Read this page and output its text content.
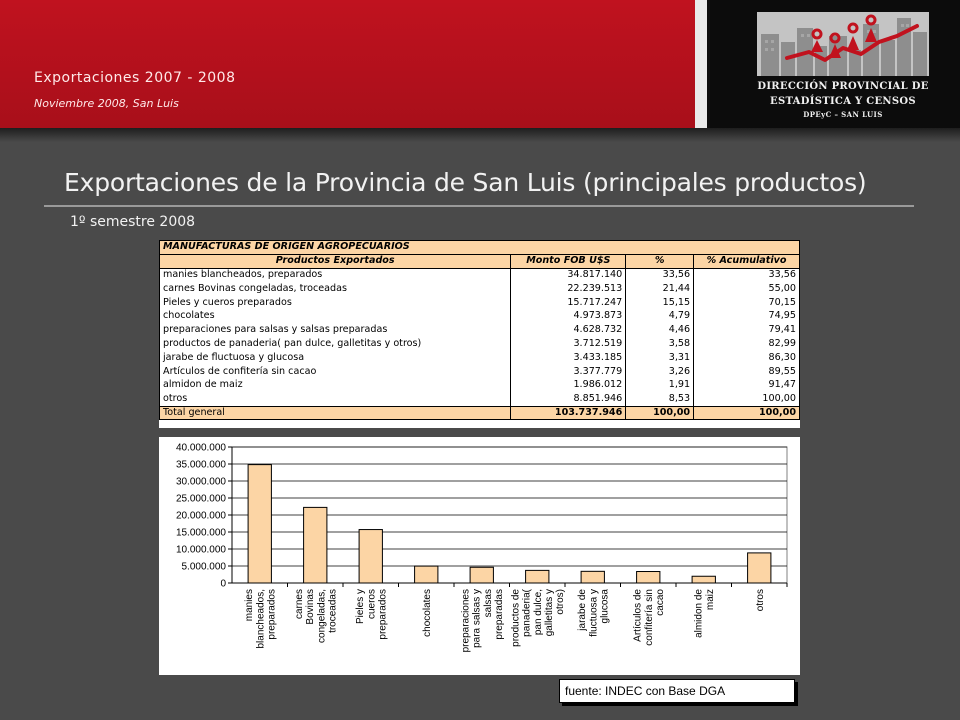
Exportaciones 2007 - 2008
Noviembre 2008, San Luis
DIRECCIÓN PROVINCIAL DE
ESTADÍSTICA Y CENSOS
DPEyC – SAN LUIS
Exportaciones de la Provincia de San Luis (principales productos)
1º semestre 2008
MANUFACTURAS DE ORIGEN AGROPECUARIOS			
Productos Exportados	Monto FOB U$S	%	% Acumulativo
manies blancheados, preparados	34.817.140	33,56	33,56
carnes Bovinas congeladas, troceadas	22.239.513	21,44	55,00
Pieles y cueros preparados	15.717.247	15,15	70,15
chocolates	4.973.873	4,79	74,95
preparaciones para salsas y salsas preparadas	4.628.732	4,46	79,41
productos de panaderia( pan dulce, galletitas y otros)	3.712.519	3,58	82,99
jarabe de fluctuosa y glucosa	3.433.185	3,31	86,30
Artículos de confitería sin cacao	3.377.779	3,26	89,55
almidon de maiz	1.986.012	1,91	91,47
otros	8.851.946	8,53	100,00
Total general	103.737.946	100,00	100,00
0
5.000.000
10.000.000
15.000.000
20.000.000
25.000.000
30.000.000
35.000.000
40.000.000
manies blancheados, preparados carnes Bovinas congeladas, troceadas Pieles y cueros preparados	chocolates	preparaciones para salsas y salsas preparadas productos de panaderia( pan dulce, galletitas y otros) jarabe de fluctuosa y glucosa Artículos de confitería sin cacao	almidon de maiz	otros
fuente: INDEC con Base DGA
